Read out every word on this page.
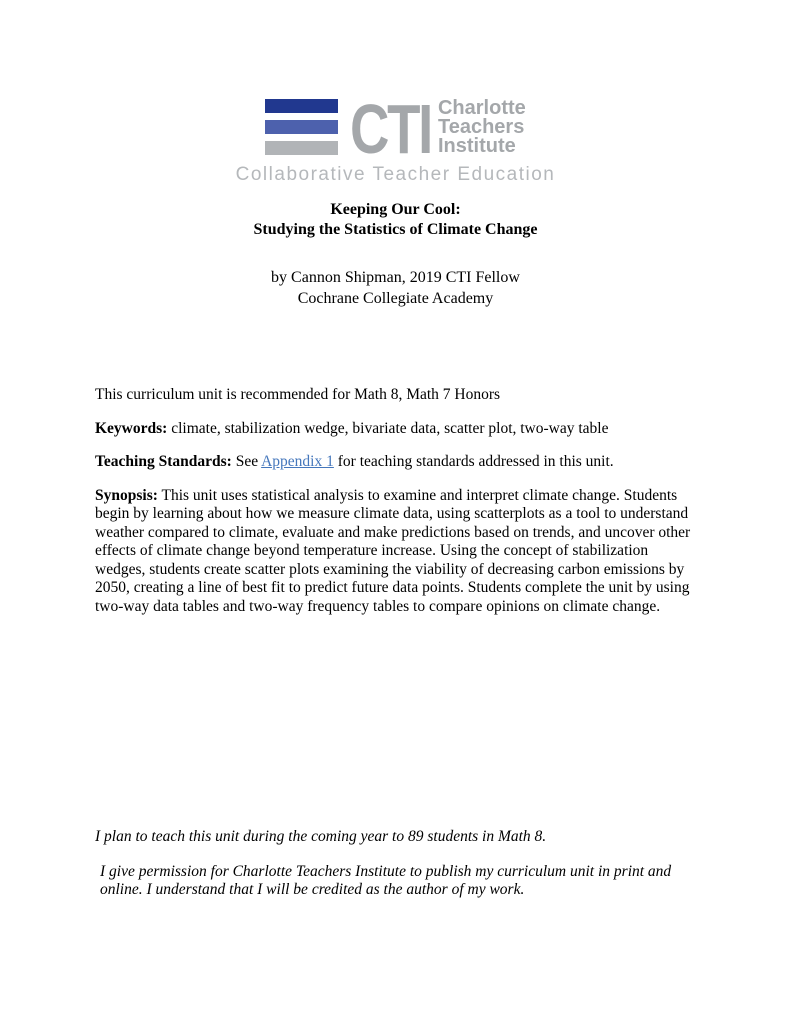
CTI Charlotte
Teachers
Institute
Collaborative Teacher Education
Keeping Our Cool:
Studying the Statistics of Climate Change
by Cannon Shipman, 2019 CTI Fellow
Cochrane Collegiate Academy

This curriculum unit is recommended for Math 8, Math 7 Honors

Keywords: climate, stabilization wedge, bivariate data, scatter plot, two-way table

Teaching Standards: See Appendix 1 for teaching standards addressed in this unit.

Synopsis: This unit uses statistical analysis to examine and interpret climate change. Students begin by learning about how we measure climate data, using scatterplots as a tool to understand weather compared to climate, evaluate and make predictions based on trends, and uncover other effects of climate change beyond temperature increase. Using the concept of stabilization wedges, students create scatter plots examining the viability of decreasing carbon emissions by 2050, creating a line of best fit to predict future data points. Students complete the unit by using two-way data tables and two-way frequency tables to compare opinions on climate change.

I plan to teach this unit during the coming year to 89 students in Math 8.

I give permission for Charlotte Teachers Institute to publish my curriculum unit in print and online. I understand that I will be credited as the author of my work.
